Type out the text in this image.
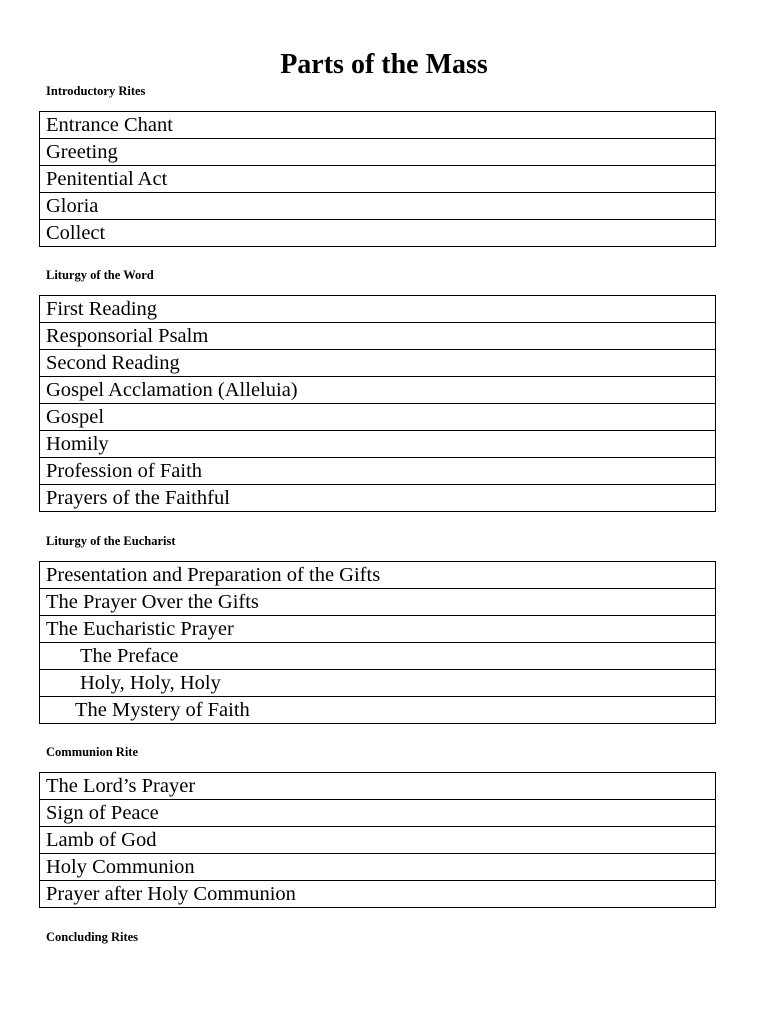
Parts of the Mass
Introductory Rites
Entrance Chant
Greeting
Penitential Act
Gloria
Collect
Liturgy of the Word
First Reading
Responsorial Psalm
Second Reading
Gospel Acclamation (Alleluia)
Gospel
Homily
Profession of Faith
Prayers of the Faithful
Liturgy of the Eucharist
Presentation and Preparation of the Gifts
The Prayer Over the Gifts
The Eucharistic Prayer
The Preface
Holy, Holy, Holy
The Mystery of Faith
Communion Rite
The Lord’s Prayer
Sign of Peace
Lamb of God
Holy Communion
Prayer after Holy Communion
Concluding Rites
